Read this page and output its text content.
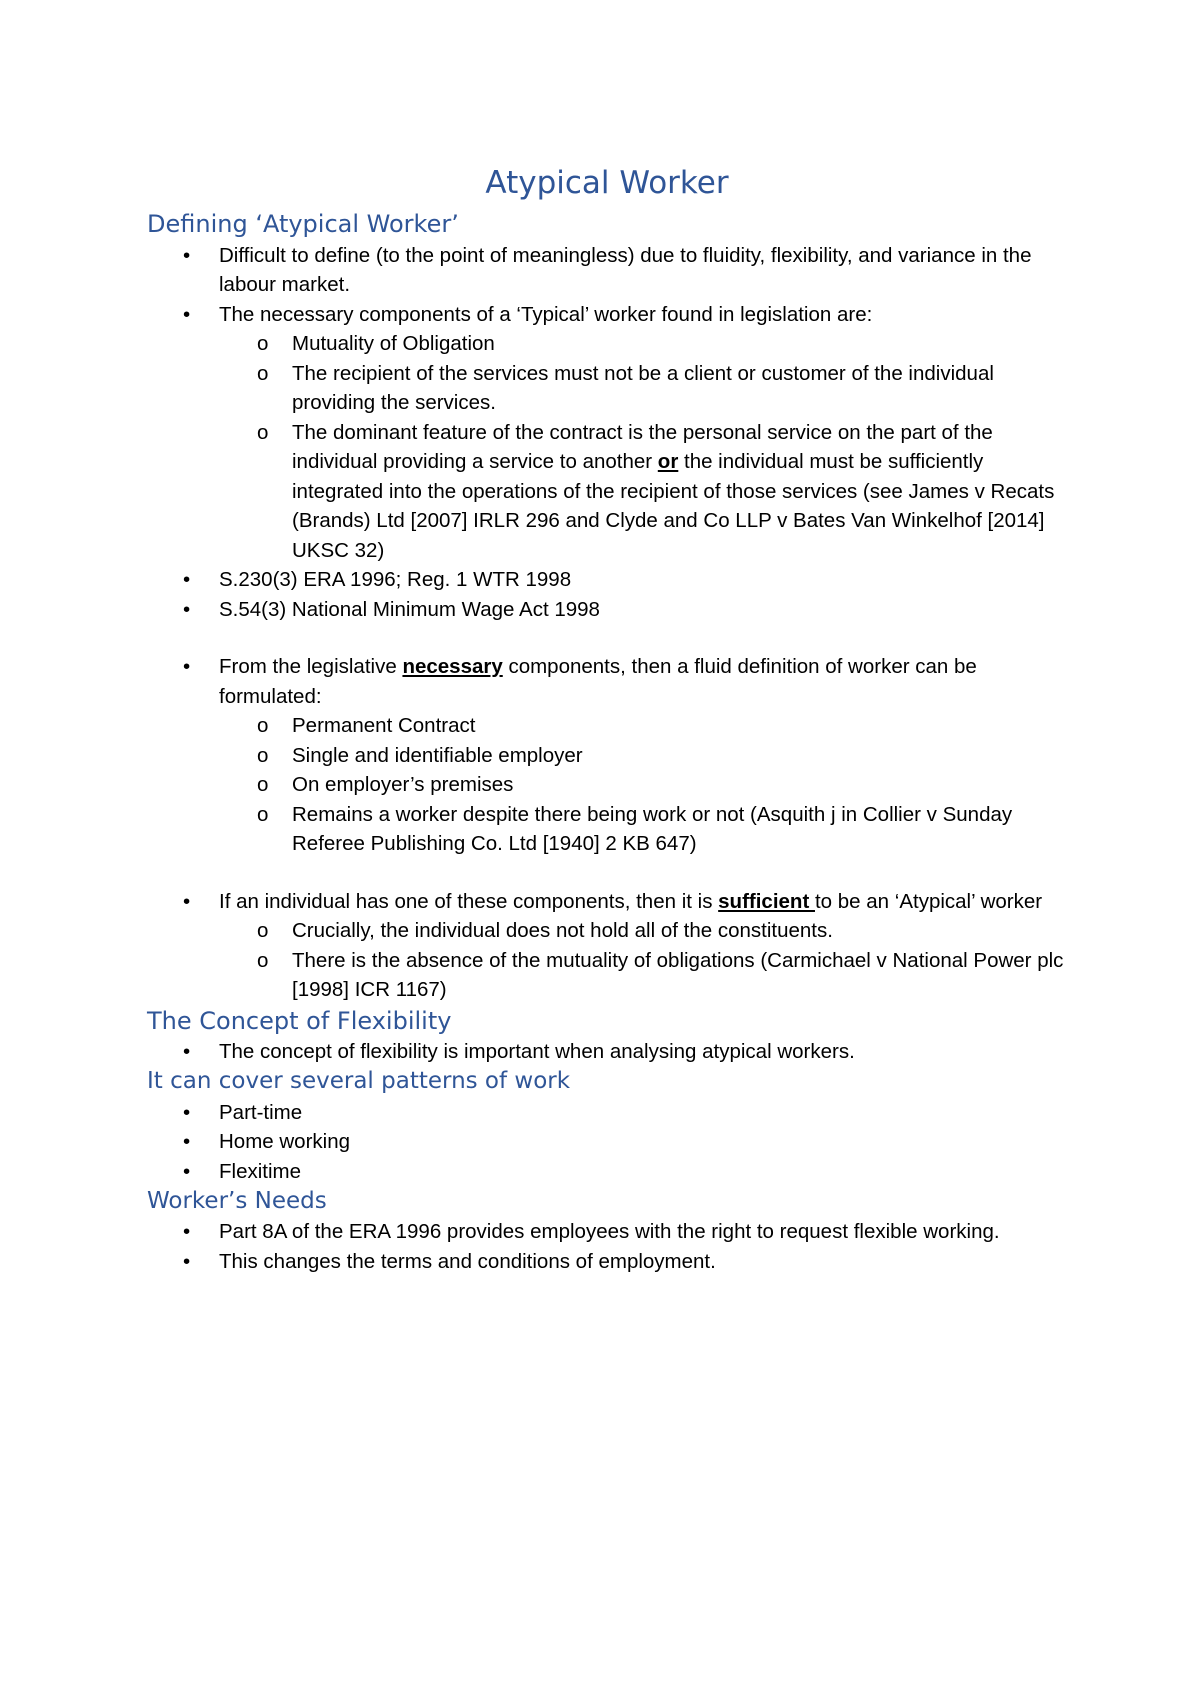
Atypical Worker
Defining ‘Atypical Worker’
•	Difficult to define (to the point of meaningless) due to fluidity, flexibility, and variance in the labour market.
•	The necessary components of a ‘Typical’ worker found in legislation are:
o	Mutuality of Obligation
o	The recipient of the services must not be a client or customer of the individual providing the services.
o	The dominant feature of the contract is the personal service on the part of the individual providing a service to another or the individual must be sufficiently integrated into the operations of the recipient of those services (see James v Recats (Brands) Ltd [2007] IRLR 296 and Clyde and Co LLP v Bates Van Winkelhof [2014] UKSC 32)
•	S.230(3) ERA 1996; Reg. 1 WTR 1998
•	S.54(3) National Minimum Wage Act 1998
•	From the legislative necessary components, then a fluid definition of worker can be formulated:
o	Permanent Contract
o	Single and identifiable employer
o	On employer’s premises
o	Remains a worker despite there being work or not (Asquith j in Collier v Sunday Referee Publishing Co. Ltd [1940] 2 KB 647)
•	If an individual has one of these components, then it is sufficient to be an ‘Atypical’ worker
o	Crucially, the individual does not hold all of the constituents.
o	There is the absence of the mutuality of obligations (Carmichael v National Power plc [1998] ICR 1167)
The Concept of Flexibility
•	The concept of flexibility is important when analysing atypical workers.
It can cover several patterns of work
•	Part-time
•	Home working
•	Flexitime
Worker’s Needs
•	Part 8A of the ERA 1996 provides employees with the right to request flexible working.
•	This changes the terms and conditions of employment.
